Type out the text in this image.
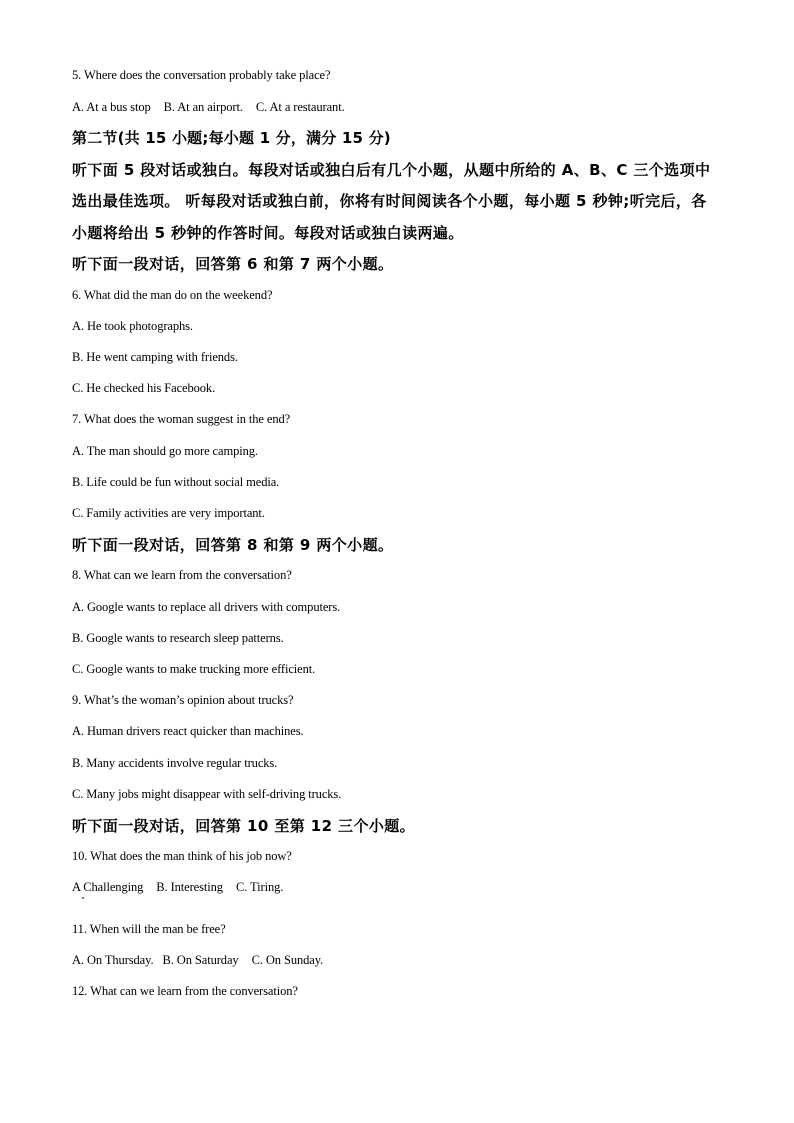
5. Where does the conversation probably take place?
A. At a bus stop B. At an airport. C. At a restaurant.
第二节(共 15 小题;每小题 1 分，满分 15 分)
听下面 5 段对话或独白。每段对话或独白后有几个小题，从题中所给的 A、B、C 三个选项中
选出最佳选项。 听每段对话或独白前，你将有时间阅读各个小题，每小题 5 秒钟;听完后，各
小题将给出 5 秒钟的作答时间。每段对话或独白读两遍。
听下面一段对话，回答第 6 和第 7 两个小题。
6. What did the man do on the weekend?
A. He took photographs.
B. He went camping with friends.
C. He checked his Facebook.
7. What does the woman suggest in the end?
A. The man should go more camping.
B. Life could be fun without social media.
C. Family activities are very important.
听下面一段对话，回答第 8 和第 9 两个小题。
8. What can we learn from the conversation?
A. Google wants to replace all drivers with computers.
B. Google wants to research sleep patterns.
C. Google wants to make trucking more efficient.
9. What’s the woman’s opinion about trucks?
A. Human drivers react quicker than machines.
B. Many accidents involve regular trucks.
C. Many jobs might disappear with self-driving trucks.
听下面一段对话，回答第 10 至第 12 三个小题。
10. What does the man think of his job now?
A Challenging B. Interesting C. Tiring.
11. When will the man be free?
A. On Thursday. B. On Saturday C. On Sunday.
12. What can we learn from the conversation?
